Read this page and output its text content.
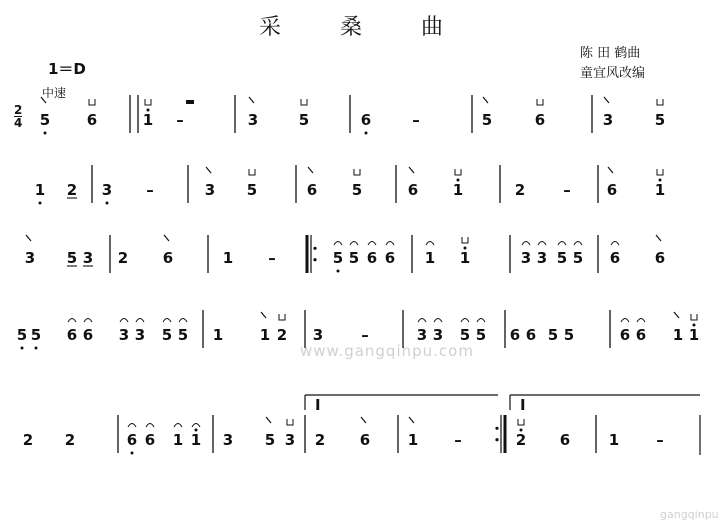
采 桑 曲
陈 田 鹤曲
童宜风改编
1＝D
中速
2
4
www.gangqinpu.com
gangqinpu
5 6	1 –	3	5	6	–	5	6	3	5
1 2 3 –	3 5	6 5	6 1	2	– 6	1
3 5 3 2 6	1 –	5 5 6 6 1 1	3 3 5 5 6 6
5 5 6 6 3 3 5 5 1 1 2 3	–	3 3 5 5 6 6 5 5	6 6 1 1
I	I
2 2	6 6 1 1 3 5 3 2 6	1 –	2 6	1 –
